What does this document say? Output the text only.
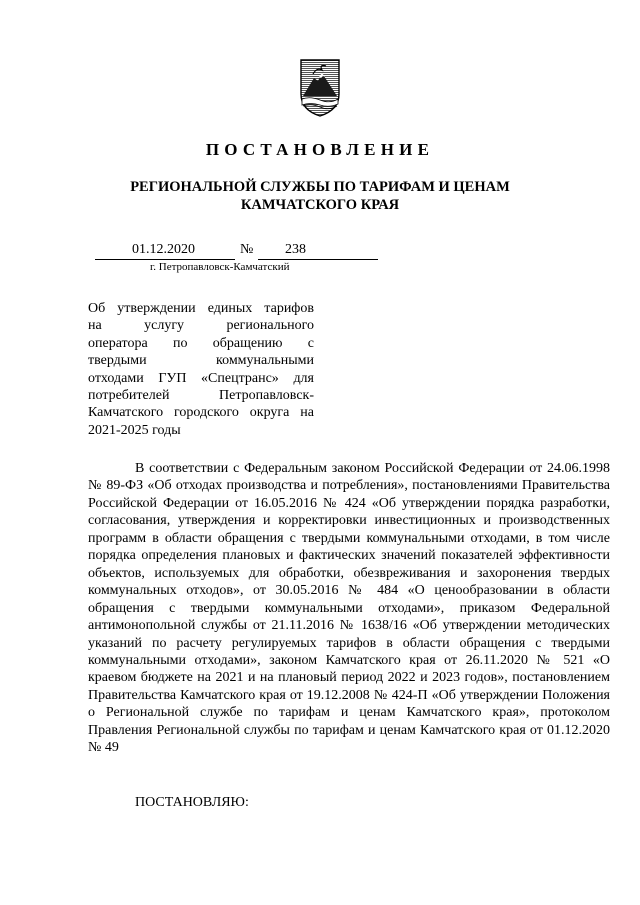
ПОСТАНОВЛЕНИЕ
РЕГИОНАЛЬНОЙ СЛУЖБЫ ПО ТАРИФАМ И ЦЕНАМ
КАМЧАТСКОГО КРАЯ
01.12.2020	№ 238
г. Петропавловск-Камчатский
Об утверждении единых тарифов
на услугу регионального
оператора по обращению с
твердыми коммунальными
отходами ГУП «Спецтранс» для
потребителей Петропавловск-
Камчатского городского округа на
2021-2025 годы
В соответствии с Федеральным законом Российской Федерации от 24.06.1998 № 89-ФЗ «Об отходах производства и потребления», постановлениями Правительства Российской Федерации от 16.05.2016 № 424 «Об утверждении порядка разработки, согласования, утверждения и корректировки инвестиционных и производственных программ в области обращения с твердыми коммунальными отходами, в том числе порядка определения плановых и фактических значений показателей эффективности объектов, используемых для обработки, обезвреживания и захоронения твердых коммунальных отходов», от 30.05.2016 № 484 «О ценообразовании в области обращения с твердыми коммунальными отходами», приказом Федеральной антимонопольной службы от 21.11.2016 № 1638/16 «Об утверждении методических указаний по расчету регулируемых тарифов в области обращения с твердыми коммунальными отходами», законом Камчатского края от 26.11.2020 № 521 «О краевом бюджете на 2021 и на плановый период 2022 и 2023 годов», постановлением Правительства Камчатского края от 19.12.2008 № 424-П «Об утверждении Положения о Региональной службе по тарифам и ценам Камчатского края», протоколом Правления Региональной службы по тарифам и ценам Камчатского края от 01.12.2020 № 49
ПОСТАНОВЛЯЮ:
